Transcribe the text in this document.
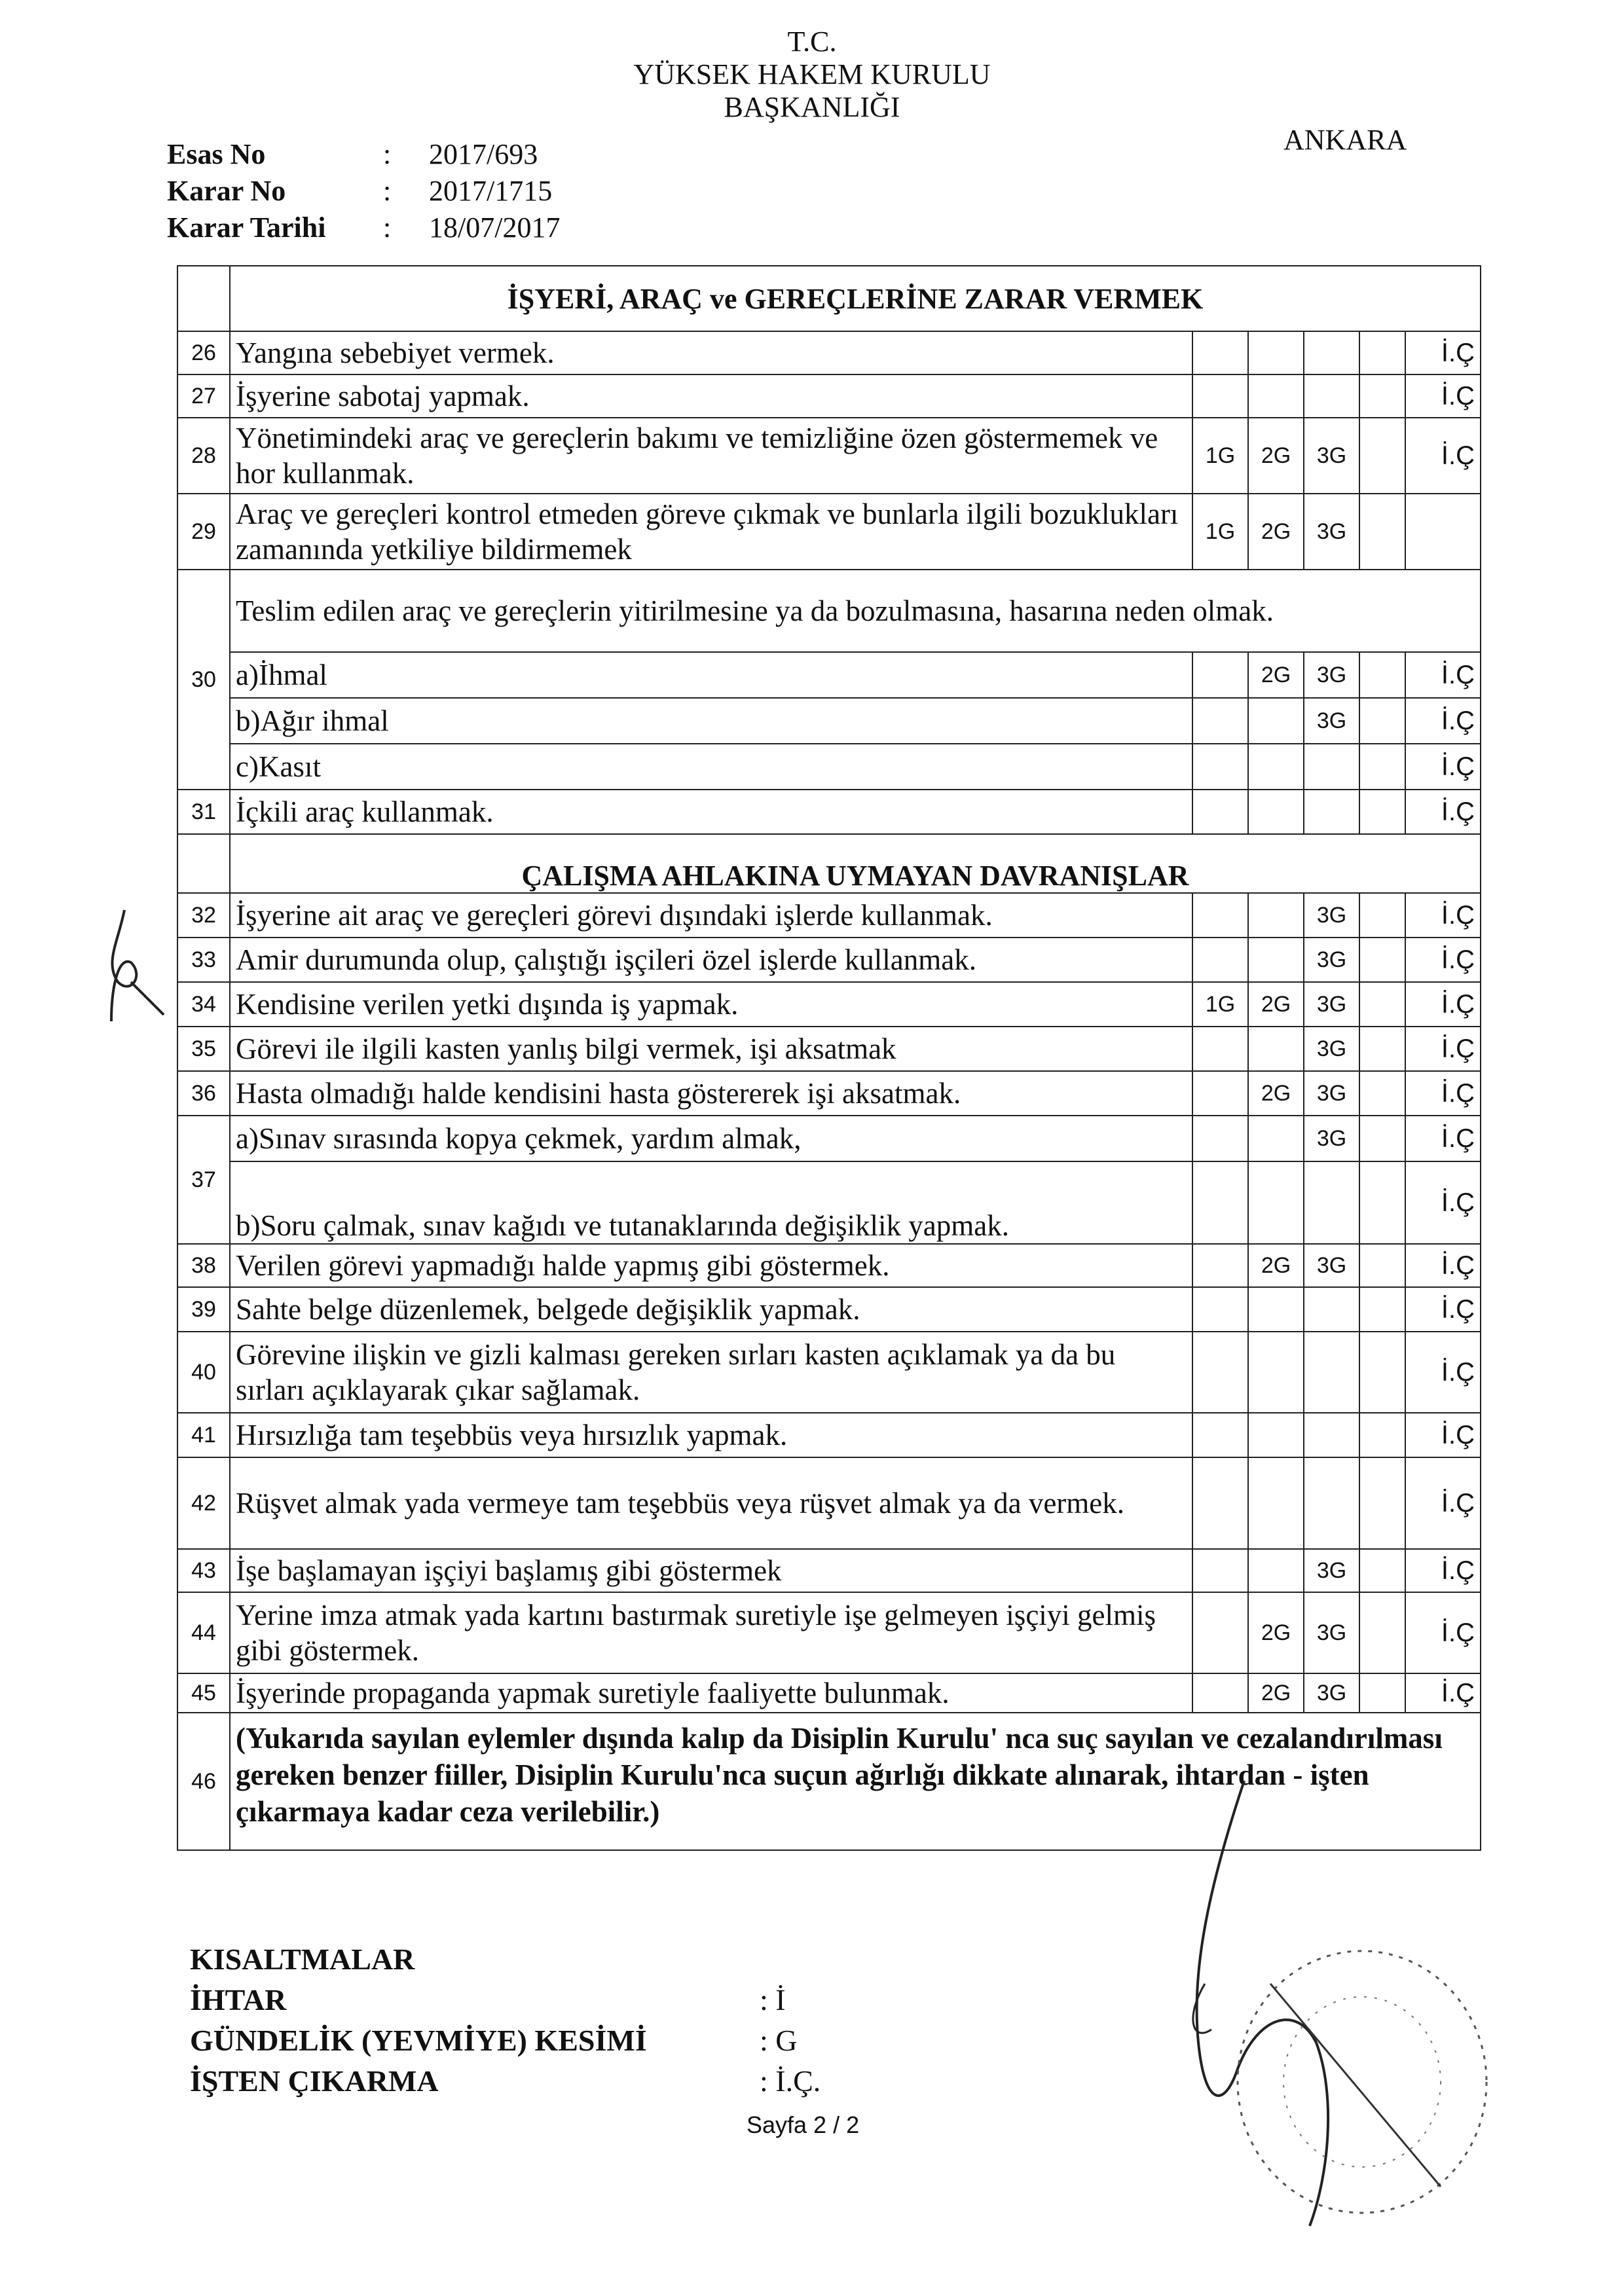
T.C.
YÜKSEK HAKEM KURULU
BAŞKANLIĞI
ANKARA
Esas No	: 2017/693
Karar No	: 2017/1715
Karar Tarihi : 18/07/2017
	İŞYERİ, ARAÇ ve GEREÇLERİNE ZARAR VERMEK					
26	Yangına sebebiyet vermek.					İ.Ç
27	İşyerine sabotaj yapmak.					İ.Ç
28	Yönetimindeki araç ve gereçlerin bakımı ve temizliğine özen göstermemek ve hor kullanmak.	1G	2G	3G		İ.Ç
29	Araç ve gereçleri kontrol etmeden göreve çıkmak ve bunlarla ilgili bozuklukları zamanında yetkiliye bildirmemek	1G	2G	3G		
30	Teslim edilen araç ve gereçlerin yitirilmesine ya da bozulmasına, hasarına neden olmak.					
	a)İhmal		2G	3G		İ.Ç
	b)Ağır ihmal			3G		İ.Ç
	c)Kasıt					İ.Ç
31	İçkili araç kullanmak.					İ.Ç
	ÇALIŞMA AHLAKINA UYMAYAN DAVRANIŞLAR					
32	İşyerine ait araç ve gereçleri görevi dışındaki işlerde kullanmak.			3G		İ.Ç
33	Amir durumunda olup, çalıştığı işçileri özel işlerde kullanmak.			3G		İ.Ç
34	Kendisine verilen yetki dışında iş yapmak.	1G	2G	3G		İ.Ç
35	Görevi ile ilgili kasten yanlış bilgi vermek, işi aksatmak			3G		İ.Ç
36	Hasta olmadığı halde kendisini hasta göstererek işi aksatmak.		2G	3G		İ.Ç
37	a)Sınav sırasında kopya çekmek, yardım almak,			3G		İ.Ç
	b)Soru çalmak, sınav kağıdı ve tutanaklarında değişiklik yapmak.					İ.Ç
38	Verilen görevi yapmadığı halde yapmış gibi göstermek.		2G	3G		İ.Ç
39	Sahte belge düzenlemek, belgede değişiklik yapmak.					İ.Ç
40	Görevine ilişkin ve gizli kalması gereken sırları kasten açıklamak ya da bu sırları açıklayarak çıkar sağlamak.					İ.Ç
41	Hırsızlığa tam teşebbüs veya hırsızlık yapmak.					İ.Ç
42	Rüşvet almak yada vermeye tam teşebbüs veya rüşvet almak ya da vermek.					İ.Ç
43	İşe başlamayan işçiyi başlamış gibi göstermek			3G		İ.Ç
44	Yerine imza atmak yada kartını bastırmak suretiyle işe gelmeyen işçiyi gelmiş gibi göstermek.		2G	3G		İ.Ç
45	İşyerinde propaganda yapmak suretiyle faaliyette bulunmak.		2G	3G		İ.Ç
46	(Yukarıda sayılan eylemler dışında kalıp da Disiplin Kurulu' nca suç sayılan ve cezalandırılması gereken benzer fiiller, Disiplin Kurulu'nca suçun ağırlığı dikkate alınarak, ihtardan - işten çıkarmaya kadar ceza verilebilir.)					
KISALTMALAR
İHTAR	: İ
GÜNDELİK (YEVMİYE) KESİMİ	: G
İŞTEN ÇIKARMA	: İ.Ç.
Sayfa 2 / 2
